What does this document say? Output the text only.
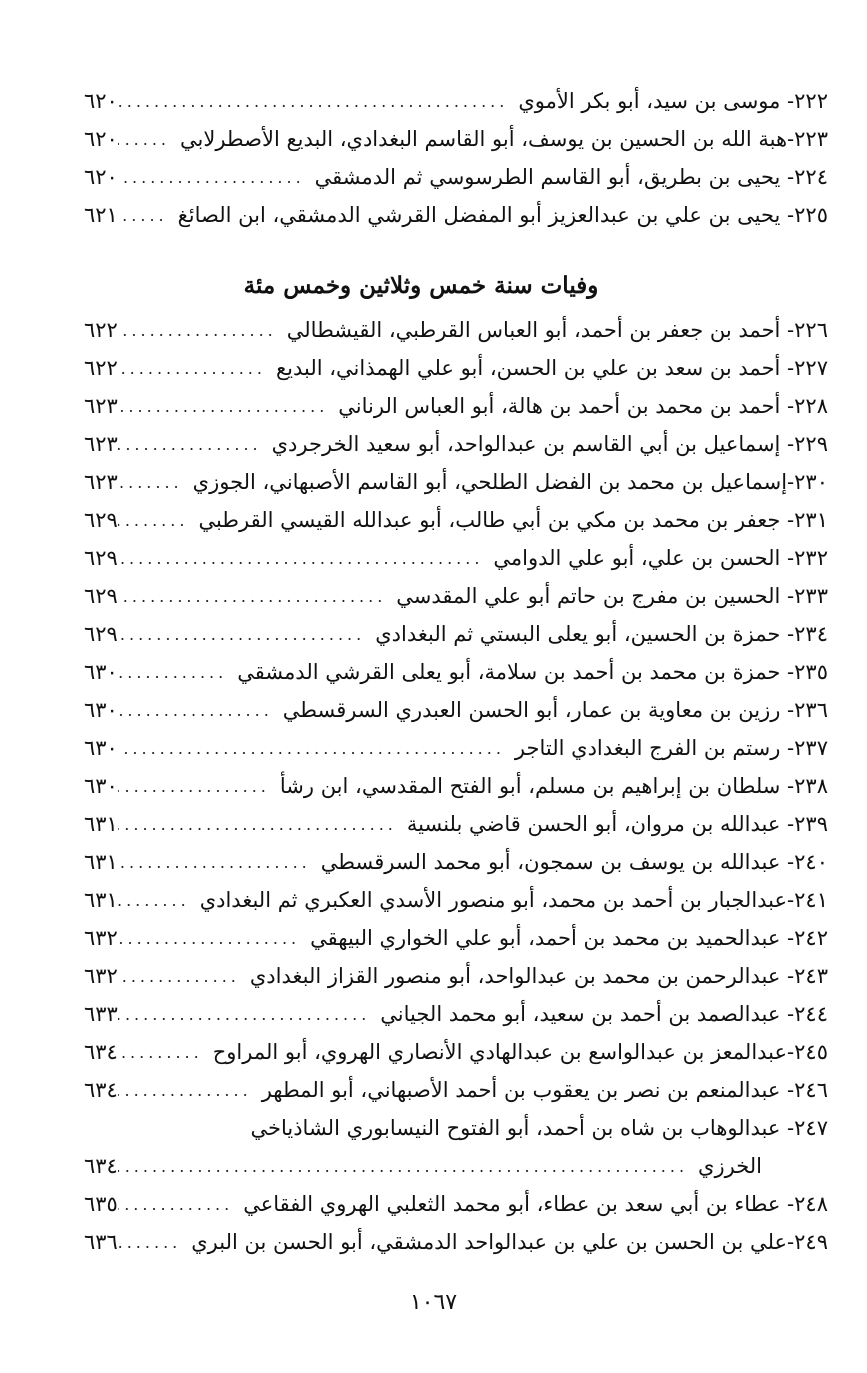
٢٢٢- موسى بن سيد، أبو بكر الأموي
.....
٦٢٠
٢٢٣-هبة الله بن الحسين بن يوسف، أبو القاسم البغدادي، البديع الأصطرلابي
.....
٦٢٠
٢٢٤- يحيى بن بطريق، أبو القاسم الطرسوسي ثم الدمشقي
.....
٦٢٠
٢٢٥- يحيى بن علي بن عبدالعزيز أبو المفضل القرشي الدمشقي، ابن الصائغ
.....
٦٢١
وفيات سنة خمس وثلاثين وخمس مئة
٢٢٦- أحمد بن جعفر بن أحمد، أبو العباس القرطبي، القيشطالي
.....
٦٢٢
٢٢٧- أحمد بن سعد بن علي بن الحسن، أبو علي الهمذاني، البديع
.....
٦٢٢
٢٢٨- أحمد بن محمد بن أحمد بن هالة، أبو العباس الرناني
.....
٦٢٣
٢٢٩- إسماعيل بن أبي القاسم بن عبدالواحد، أبو سعيد الخرجردي
.....
٦٢٣
٢٣٠-إسماعيل بن محمد بن الفضل الطلحي، أبو القاسم الأصبهاني، الجوزي
.....
٦٢٣
٢٣١- جعفر بن محمد بن مكي بن أبي طالب، أبو عبدالله القيسي القرطبي
.....
٦٢٩
٢٣٢- الحسن بن علي، أبو علي الدوامي
.....
٦٢٩
٢٣٣- الحسين بن مفرج بن حاتم أبو علي المقدسي
.....
٦٢٩
٢٣٤- حمزة بن الحسين، أبو يعلى البستي ثم البغدادي
.....
٦٢٩
٢٣٥- حمزة بن محمد بن أحمد بن سلامة، أبو يعلى القرشي الدمشقي
.....
٦٣٠
٢٣٦- رزين بن معاوية بن عمار، أبو الحسن العبدري السرقسطي
.....
٦٣٠
٢٣٧- رستم بن الفرج البغدادي التاجر
.....
٦٣٠
٢٣٨- سلطان بن إبراهيم بن مسلم، أبو الفتح المقدسي، ابن رشأ
.....
٦٣٠
٢٣٩- عبدالله بن مروان، أبو الحسن قاضي بلنسية
.....
٦٣١
٢٤٠- عبدالله بن يوسف بن سمجون، أبو محمد السرقسطي
.....
٦٣١
٢٤١-عبدالجبار بن أحمد بن محمد، أبو منصور الأسدي العكبري ثم البغدادي
.....
٦٣١
٢٤٢- عبدالحميد بن محمد بن أحمد، أبو علي الخواري البيهقي
.....
٦٣٢
٢٤٣- عبدالرحمن بن محمد بن عبدالواحد، أبو منصور القزاز البغدادي
.....
٦٣٢
٢٤٤- عبدالصمد بن أحمد بن سعيد، أبو محمد الجياني
.....
٦٣٣
٢٤٥-عبدالمعز بن عبدالواسع بن عبدالهادي الأنصاري الهروي، أبو المراوح
.....
٦٣٤
٢٤٦- عبدالمنعم بن نصر بن يعقوب بن أحمد الأصبهاني، أبو المطهر
.....
٦٣٤
٢٤٧- عبدالوهاب بن شاه بن أحمد، أبو الفتوح النيسابوري الشاذياخي
الخرزي
.....
٦٣٤
٢٤٨- عطاء بن أبي سعد بن عطاء، أبو محمد الثعلبي الهروي الفقاعي
.....
٦٣٥
٢٤٩-علي بن الحسن بن علي بن عبدالواحد الدمشقي، أبو الحسن بن البري
.....
٦٣٦
١٠٦٧
